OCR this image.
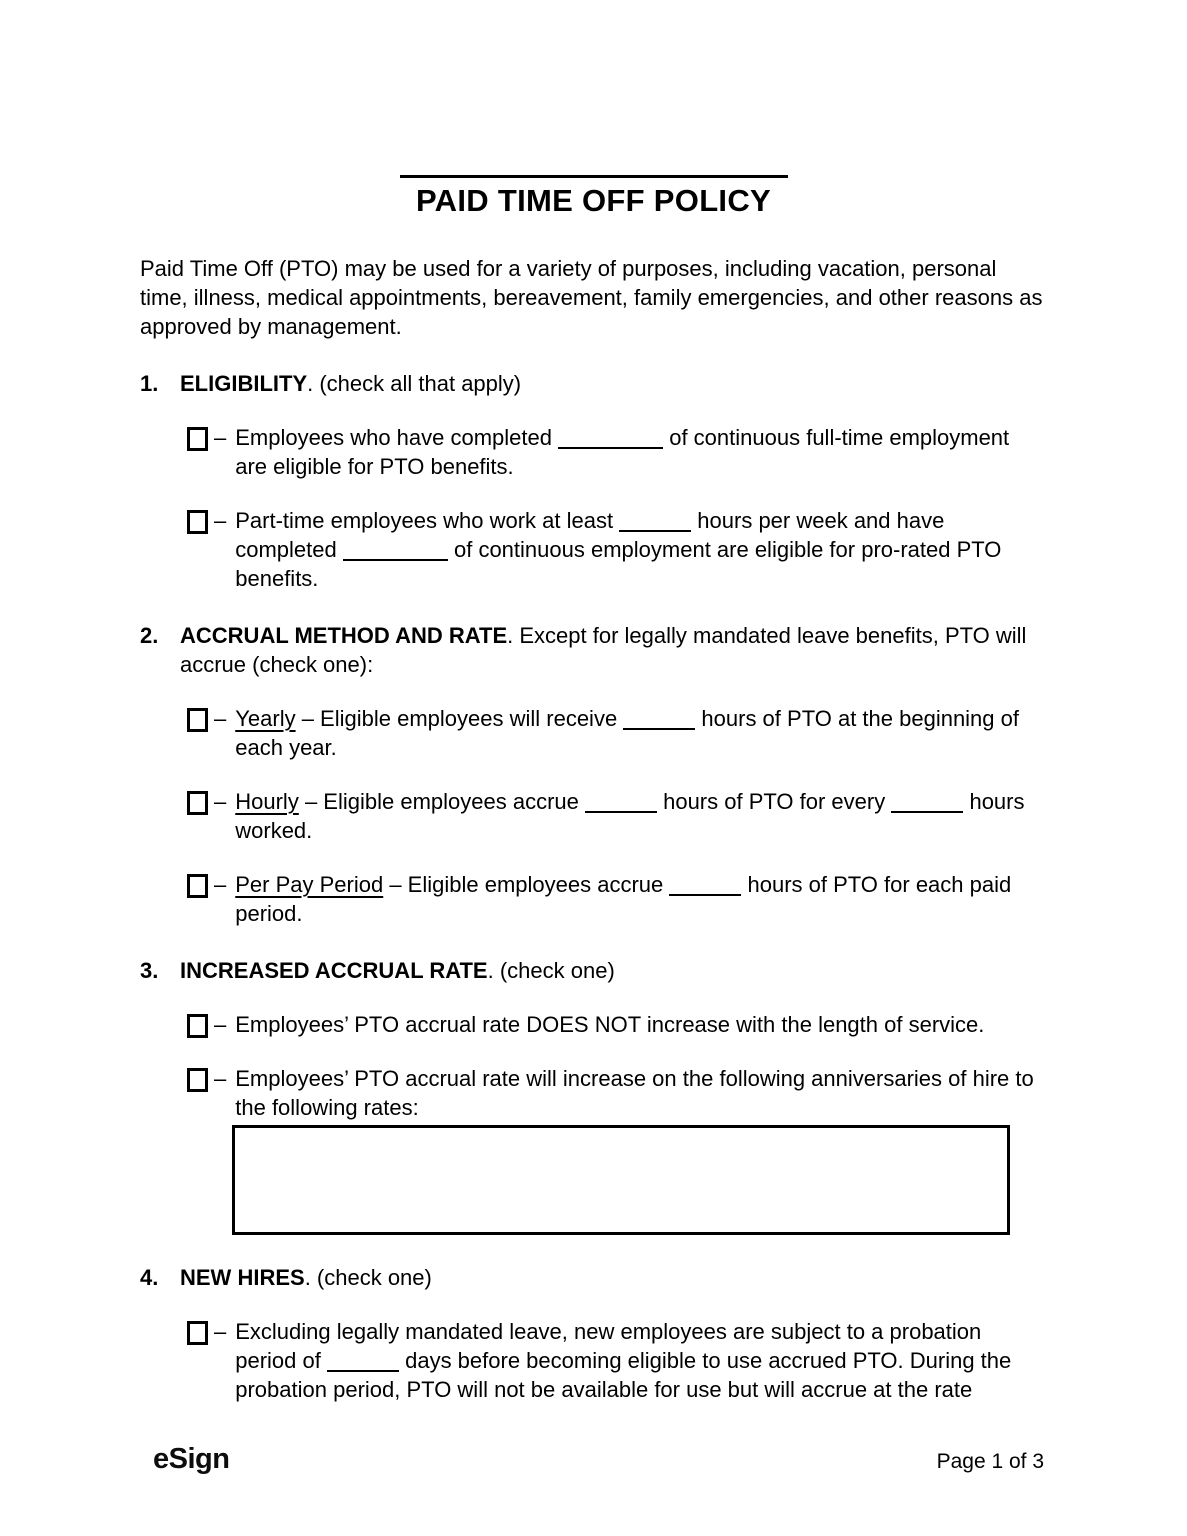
PAID TIME OFF POLICY

Paid Time Off (PTO) may be used for a variety of purposes, including vacation, personal time, illness, medical appointments, bereavement, family emergencies, and other reasons as approved by management.

1. ELIGIBILITY. (check all that apply)
– Employees who have completed	of continuous full-time employment are eligible for PTO benefits.
– Part-time employees who work at least	hours per week and have completed	of continuous employment are eligible for pro-rated PTO benefits.
2. ACCRUAL METHOD AND RATE. Except for legally mandated leave benefits, PTO will accrue (check one):
– Yearly – Eligible employees will receive	hours of PTO at the beginning of each year.
– Hourly – Eligible employees accrue	hours of PTO for every	hours worked.
– Per Pay Period – Eligible employees accrue	hours of PTO for each paid period.
3. INCREASED ACCRUAL RATE. (check one)
– Employees’ PTO accrual rate DOES NOT increase with the length of service.
– Employees’ PTO accrual rate will increase on the following anniversaries of hire to the following rates:
4. NEW HIRES. (check one)
– Excluding legally mandated leave, new employees are subject to a probation period of	days before becoming eligible to use accrued PTO. During the probation period, PTO will not be available for use but will accrue at the rate
eSign	Page 1 of 3
